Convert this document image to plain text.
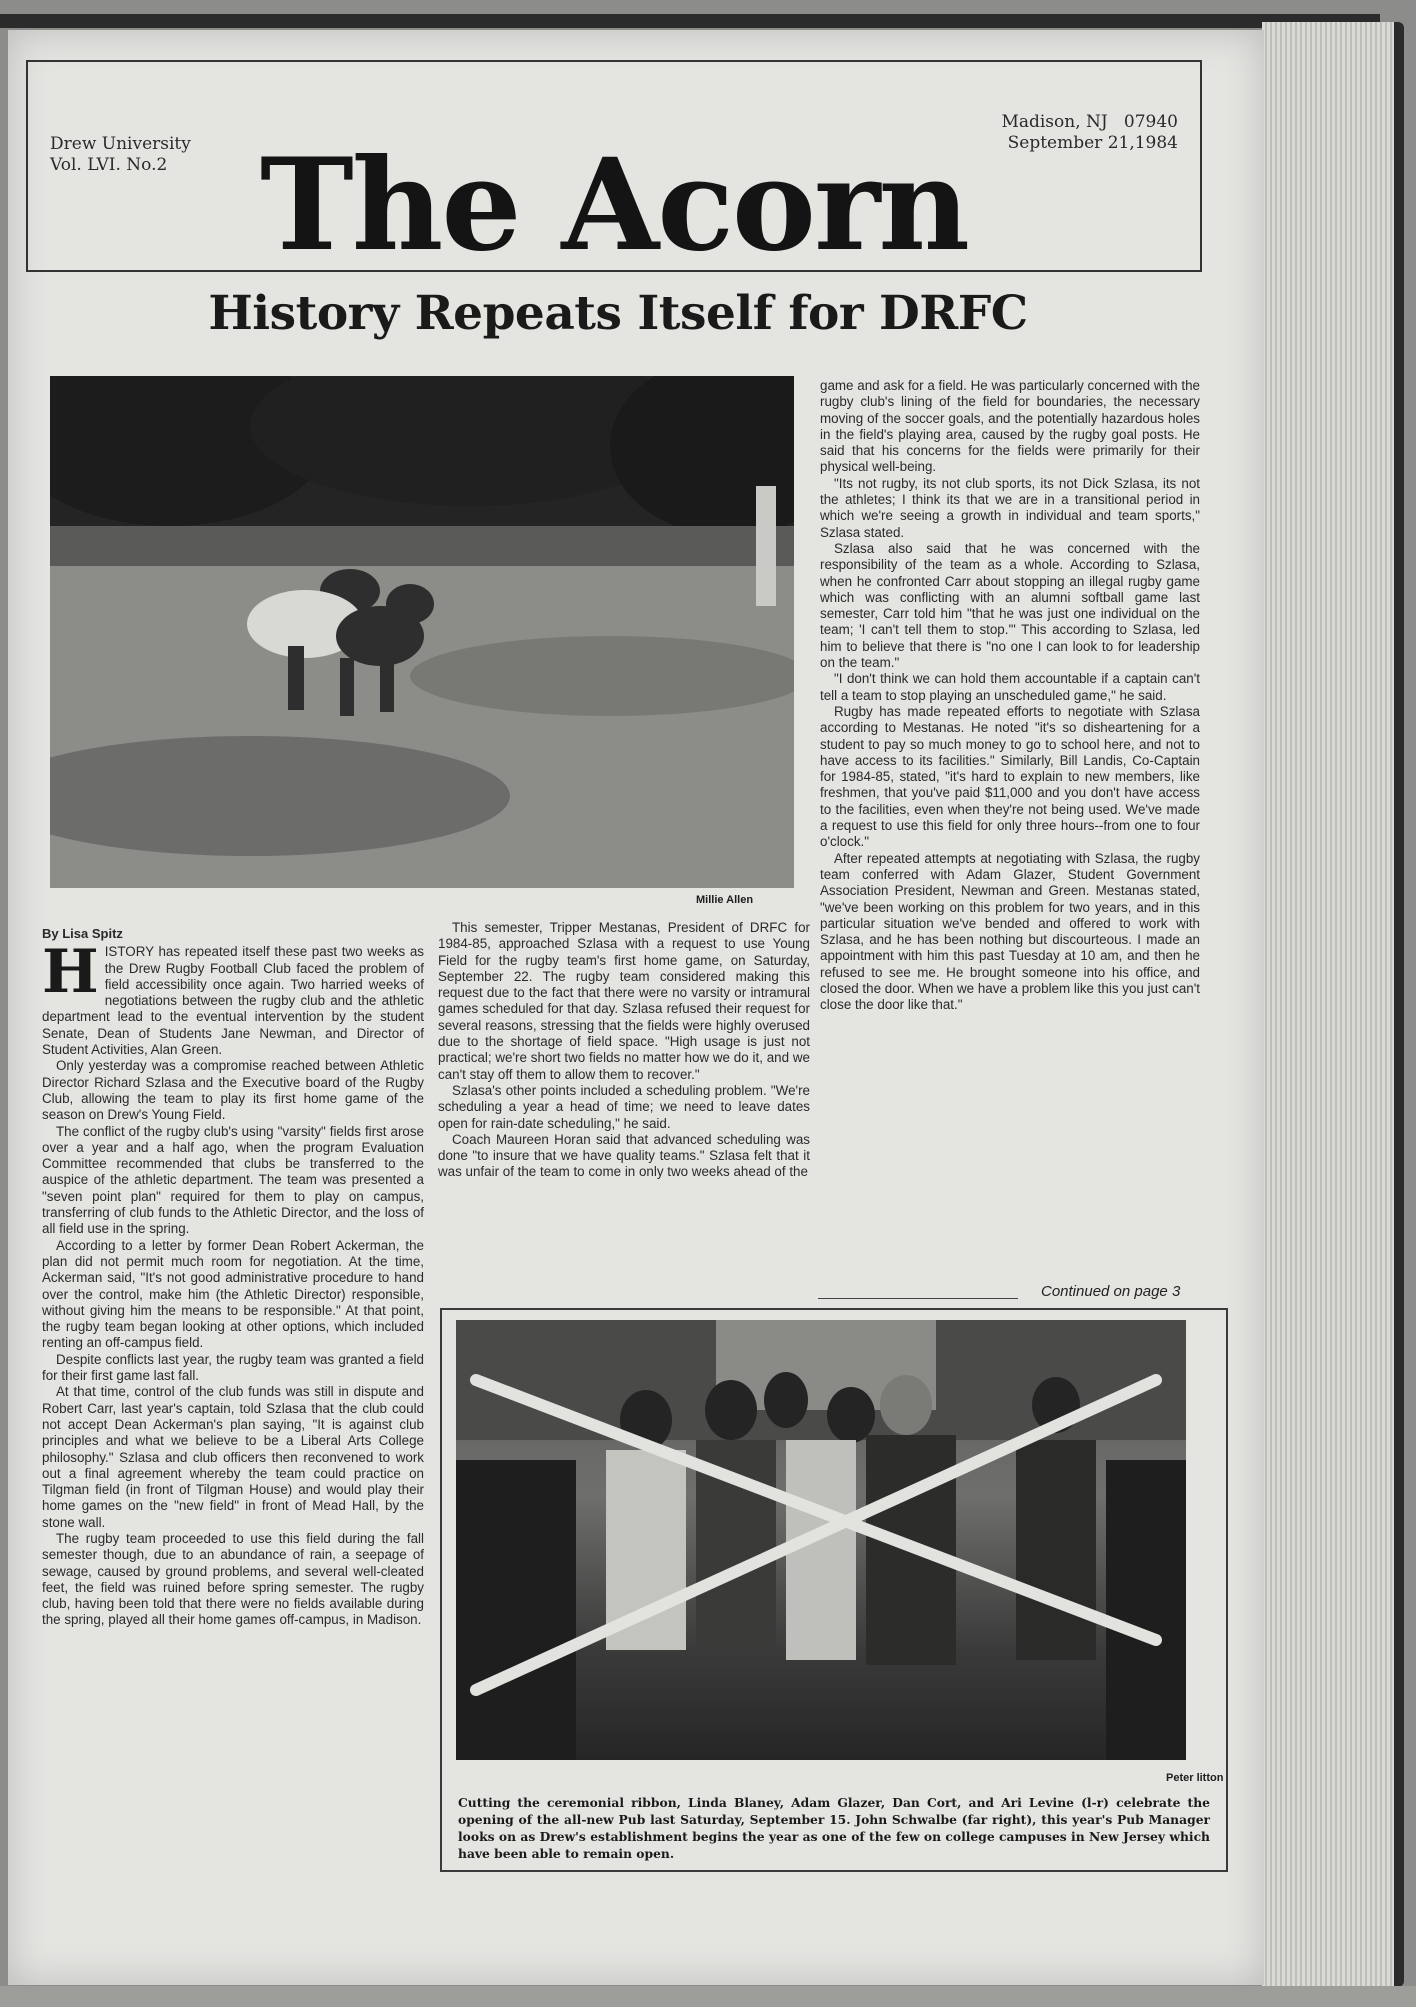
Drew University
Vol. LVI. No.2
Madison, NJ   07940
September 21,1984
The Acorn
History Repeats Itself for DRFC
Millie Allen
By Lisa Spitz

HISTORY has repeated itself these past two weeks as the Drew Rugby Football Club faced the problem of field accessibility once again. Two harried weeks of negotiations between the rugby club and the athletic department lead to the eventual intervention by the student Senate, Dean of Students Jane Newman, and Director of Student Activities, Alan Green.

Only yesterday was a compromise reached between Athletic Director Richard Szlasa and the Executive board of the Rugby Club, allowing the team to play its first home game of the season on Drew's Young Field.

The conflict of the rugby club's using "varsity" fields first arose over a year and a half ago, when the program Evaluation Committee recommended that clubs be transferred to the auspice of the athletic department. The team was presented a "seven point plan" required for them to play on campus, transferring of club funds to the Athletic Director, and the loss of all field use in the spring.

According to a letter by former Dean Robert Ackerman, the plan did not permit much room for negotiation. At the time, Ackerman said, "It's not good administrative procedure to hand over the control, make him (the Athletic Director) responsible, without giving him the means to be responsible." At that point, the rugby team began looking at other options, which included renting an off-campus field.

Despite conflicts last year, the rugby team was granted a field for their first game last fall.

At that time, control of the club funds was still in dispute and Robert Carr, last year's captain, told Szlasa that the club could not accept Dean Ackerman's plan saying, "It is against club principles and what we believe to be a Liberal Arts College philosophy." Szlasa and club officers then reconvened to work out a final agreement whereby the team could practice on Tilgman field (in front of Tilgman House) and would play their home games on the "new field" in front of Mead Hall, by the stone wall.

The rugby team proceeded to use this field during the fall semester though, due to an abundance of rain, a seepage of sewage, caused by ground problems, and several well-cleated feet, the field was ruined before spring semester. The rugby club, having been told that there were no fields available during the spring, played all their home games off-campus, in Madison.

This semester, Tripper Mestanas, President of DRFC for 1984-85, approached Szlasa with a request to use Young Field for the rugby team's first home game, on Saturday, September 22. The rugby team considered making this request due to the fact that there were no varsity or intramural games scheduled for that day. Szlasa refused their request for several reasons, stressing that the fields were highly overused due to the shortage of field space. "High usage is just not practical; we're short two fields no matter how we do it, and we can't stay off them to allow them to recover."

Szlasa's other points included a scheduling problem. "We're scheduling a year a head of time; we need to leave dates open for rain-date scheduling," he said.

Coach Maureen Horan said that advanced scheduling was done "to insure that we have quality teams." Szlasa felt that it was unfair of the team to come in only two weeks ahead of the

game and ask for a field. He was particularly concerned with the rugby club's lining of the field for boundaries, the necessary moving of the soccer goals, and the potentially hazardous holes in the field's playing area, caused by the rugby goal posts. He said that his concerns for the fields were primarily for their physical well-being.

"Its not rugby, its not club sports, its not Dick Szlasa, its not the athletes; I think its that we are in a transitional period in which we're seeing a growth in individual and team sports," Szlasa stated.

Szlasa also said that he was concerned with the responsibility of the team as a whole. According to Szlasa, when he confronted Carr about stopping an illegal rugby game which was conflicting with an alumni softball game last semester, Carr told him "that he was just one individual on the team; 'I can't tell them to stop.'" This according to Szlasa, led him to believe that there is "no one I can look to for leadership on the team."

"I don't think we can hold them accountable if a captain can't tell a team to stop playing an unscheduled game," he said.

Rugby has made repeated efforts to negotiate with Szlasa according to Mestanas. He noted "it's so disheartening for a student to pay so much money to go to school here, and not to have access to its facilities." Similarly, Bill Landis, Co-Captain for 1984-85, stated, "it's hard to explain to new members, like freshmen, that you've paid $11,000 and you don't have access to the facilities, even when they're not being used. We've made a request to use this field for only three hours--from one to four o'clock."

After repeated attempts at negotiating with Szlasa, the rugby team conferred with Adam Glazer, Student Government Association President, Newman and Green. Mestanas stated, "we've been working on this problem for two years, and in this particular situation we've bended and offered to work with Szlasa, and he has been nothing but discourteous. I made an appointment with him this past Tuesday at 10 am, and then he refused to see me. He brought someone into his office, and closed the door. When we have a problem like this you just can't close the door like that."

Continued on page 3
Peter litton
Cutting the ceremonial ribbon, Linda Blaney, Adam Glazer, Dan Cort, and Ari Levine (l-r) celebrate the opening of the all-new Pub last Saturday, September 15. John Schwalbe (far right), this year's Pub Manager looks on as Drew's establishment begins the year as one of the few on college campuses in New Jersey which have been able to remain open.
